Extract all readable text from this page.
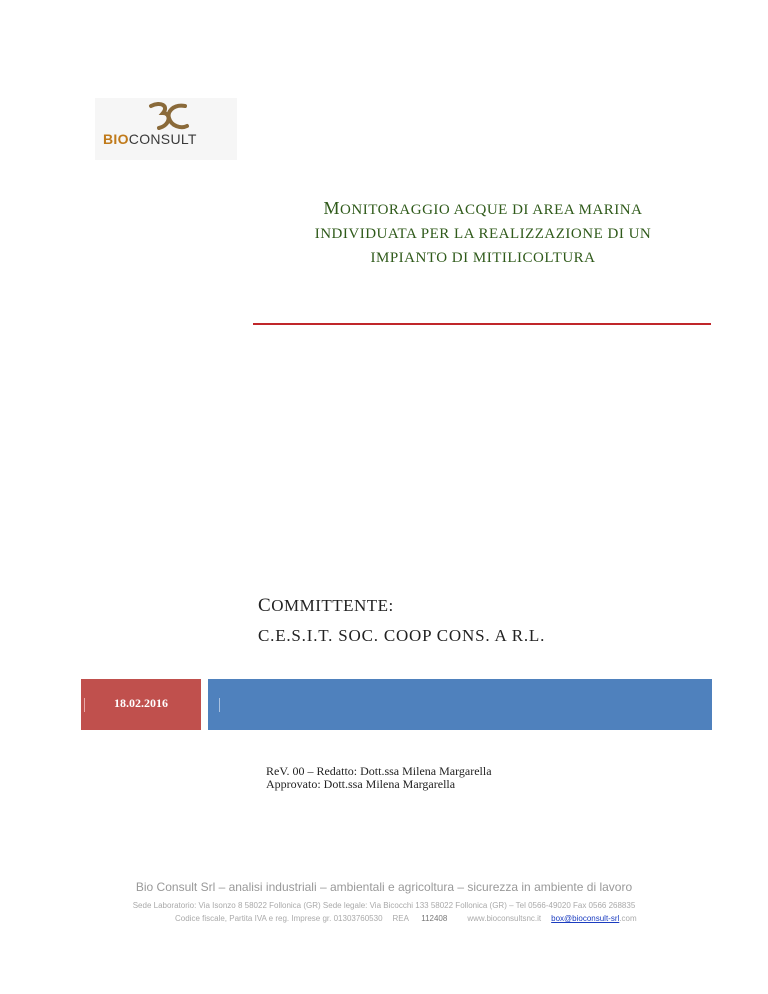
BIOCONSULT
MONITORAGGIO ACQUE DI AREA MARINA
INDIVIDUATA PER LA REALIZZAZIONE DI UN
IMPIANTO DI MITILICOLTURA
COMMITTENTE:
C.E.S.I.T. SOC. COOP CONS. A R.L.
18.02.2016
ReV. 00 – Redatto: Dott.ssa Milena Margarella
Approvato: Dott.ssa Milena Margarella
Bio Consult Srl – analisi industriali – ambientali e agricoltura – sicurezza in ambiente di lavoro
Sede Laboratorio: Via Isonzo 8 58022 Follonica (GR) Sede legale: Via Bicocchi 133 58022 Follonica (GR) – Tel 0566-49020 Fax 0566 268835
Codice fiscale, Partita IVA e reg. Imprese gr. 01303760530 REA 112408	www.bioconsultsnc.it box@bioconsult-srl.com
